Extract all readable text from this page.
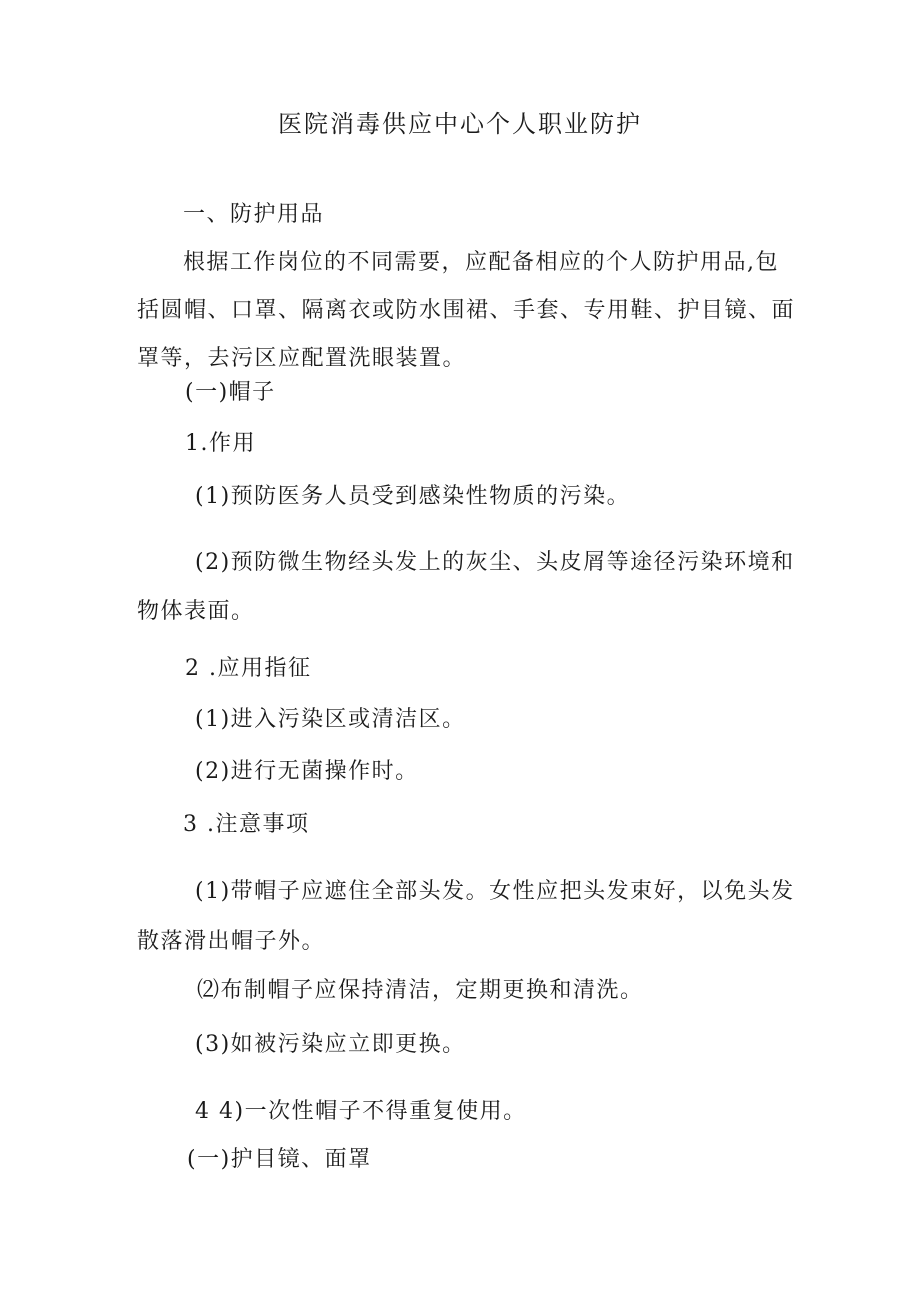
医院消毒供应中心个人职业防护
一、防护用品
根据工作岗位的不同需要，应配备相应的个人防护用品,包
括圆帽、口罩、隔离衣或防水围裙、手套、专用鞋、护目镜、面
罩等，去污区应配置洗眼装置。
(一)帽子
1.作用
(1)预防医务人员受到感染性物质的污染。
(2)预防微生物经头发上的灰尘、头皮屑等途径污染环境和
物体表面。
2 .应用指征
(1)进入污染区或清洁区。
(2)进行无菌操作时。
3 .注意事项
(1)带帽子应遮住全部头发。女性应把头发束好，以免头发
散落滑出帽子外。
⑵布制帽子应保持清洁，定期更换和清洗。
(3)如被污染应立即更换。
4 4)一次性帽子不得重复使用。
(一)护目镜、面罩
